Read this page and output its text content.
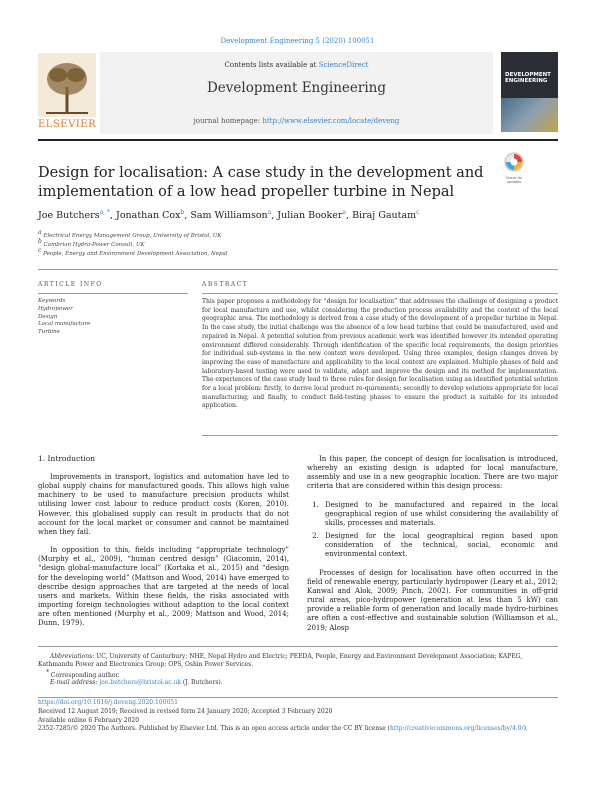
Development Engineering 5 (2020) 100051
ELSEVIER
Contents lists available at ScienceDirect
Development Engineering
journal homepage: http://www.elsevier.com/locate/deveng
DEVELOPMENT ENGINEERING
Design for localisation: A case study in the development and implementation of a low head propeller turbine in Nepal
Check for updates
Joe Butchers$^{a, *}$, Jonathan Cox$^b$, Sam Williamson$^a$, Julian Booker$^a$, Biraj Gautam$^c$
a Electrical Energy Management Group, University of Bristol, UK
b Cambrian Hydro-Power Consult, UK
c People, Energy and Environment Development Association, Nepal
ARTICLE INFO	ABSTRACT
Keywords
Hydropower
Design
Local manufacture
Turbine
This paper proposes a methodology for “design for localisation” that addresses the challenge of designing a product for local manufacture and use, whilst considering the production process availability and the context of the local geographic area. The methodology is derived from a case study of the development of a propeller turbine in Nepal. In the case study, the initial challenge was the absence of a low head turbine that could be manufactured, used and repaired in Nepal. A potential solution from previous academic work was identified however its intended operating environment differed considerably. Through identification of the specific local requirements, the design priorities for individual sub-systems in the new context were developed. Using three examples, design changes driven by improving the ease of manufacture and applicability to the local context are explained. Multiple phases of field and laboratory-based testing were used to validate, adapt and improve the design and its method for implementation. The experiences of the case study lead to three rules for design for localisation using an identified potential solution for a local problem: firstly, to derive local product re-quirements; secondly to develop solutions appropriate for local manufacturing; and finally, to conduct field-testing phases to ensure the product is suitable for its intended application.
1. Introduction

Improvements in transport, logistics and automation have led to global supply chains for manufactured goods. This allows high value machinery to be used to manufacture precision products whilst utilising lower cost labour to reduce product costs (Koren, 2010). However, this globalised supply can result in products that do not account for the local market or consumer and cannot be maintained when they fail.

In opposition to this, fields including “appropriate technology” (Murphy et al., 2009), “human centred design” (Giacomin, 2014), “design global-manufacture local” (Kortaka et al., 2015) and “design for the developing world” (Mattson and Wood, 2014) have emerged to describe design approaches that are targeted at the needs of local users and markets. Within these fields, the risks associated with importing foreign technologies without adaption to the local context are often mentioned (Murphy et al., 2009; Mattson and Wood, 2014; Dunn, 1979).

In this paper, the concept of design for localisation is introduced, whereby an existing design is adapted for local manufacture, assembly and use in a new geographic location. There are two major criteria that are considered within this design process:

1. Designed to be manufactured and repaired in the local geographical region of use whilst considering the availability of skills, processes and materials.
2. Designed for the local geographical region based upon consideration of the technical, social, economic and environmental context.

Processes of design for localisation have often occurred in the field of renewable energy, particularly hydropower (Leary et al., 2012; Kanwal and Alok, 2009; Pinch, 2002). For communities in off-grid rural areas, pico-hydropower (generation at less than 5 kW) can provide a reliable form of generation and locally made hydro-turbines are often a cost-effective and sustainable solution (Williamson et al., 2019; Alosp

Abbreviations: UC, University of Canterbury; NHE, Nepal Hydro and Electric; PEEDA, People, Energy and Environment Development Association; KAPEG, Kathmandu Power and Electronics Group; OPS, Oshin Power Services.
* Corresponding author.
E-mail address: joe.butchers@bristol.ac.uk (J. Butchers).
https://doi.org/10.1016/j.deveng.2020.100051
Received 12 August 2019; Received in revised form 24 January 2020; Accepted 3 February 2020
Available online 6 February 2020
2352-7285/© 2020 The Authors. Published by Elsevier Ltd. This is an open access article under the CC BY license (http://creativecommons.org/licenses/by/4.0/).
